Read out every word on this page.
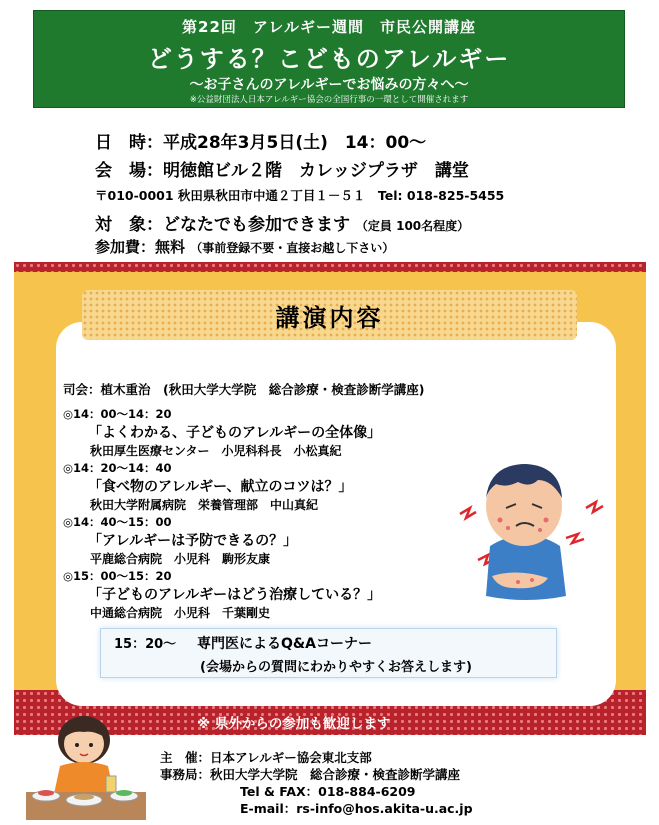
第22回　アレルギー週間　市民公開講座
どうする？こどものアレルギー
～お子さんのアレルギーでお悩みの方々へ～
※公益財団法人日本アレルギー協会の全国行事の一環として開催されます
日　時：平成28年3月5日(土)　14：00～
会　場：明徳館ビル２階　カレッジプラザ　講堂
〒010-0001 秋田県秋田市中通２丁目１－５１　Tel: 018-825-5455
対　象：どなたでも参加できます （定員 100名程度）
参加費：無料 （事前登録不要・直接お越し下さい）
講演内容
司会：植木重治　(秋田大学大学院　総合診療・検査診断学講座)
◎14：00～14：20
「よくわかる、子どものアレルギーの全体像」
秋田厚生医療センター　小児科科長　小松真紀
◎14：20～14：40
「食べ物のアレルギー、献立のコツは？」
秋田大学附属病院　栄養管理部　中山真紀
◎14：40～15：00
「アレルギーは予防できるの？」
平鹿総合病院　小児科　駒形友康
◎15：00～15：20
「子どものアレルギーはどう治療している？」
中通総合病院　小児科　千葉剛史
15：20～ 専門医によるQ&Aコーナー
(会場からの質問にわかりやすくお答えします)
※ 県外からの参加も歓迎します
主　催：日本アレルギー協会東北支部
事務局：秋田大学大学院　総合診療・検査診断学講座
Tel & FAX：018-884-6209
E-mail：rs-info@hos.akita-u.ac.jp
